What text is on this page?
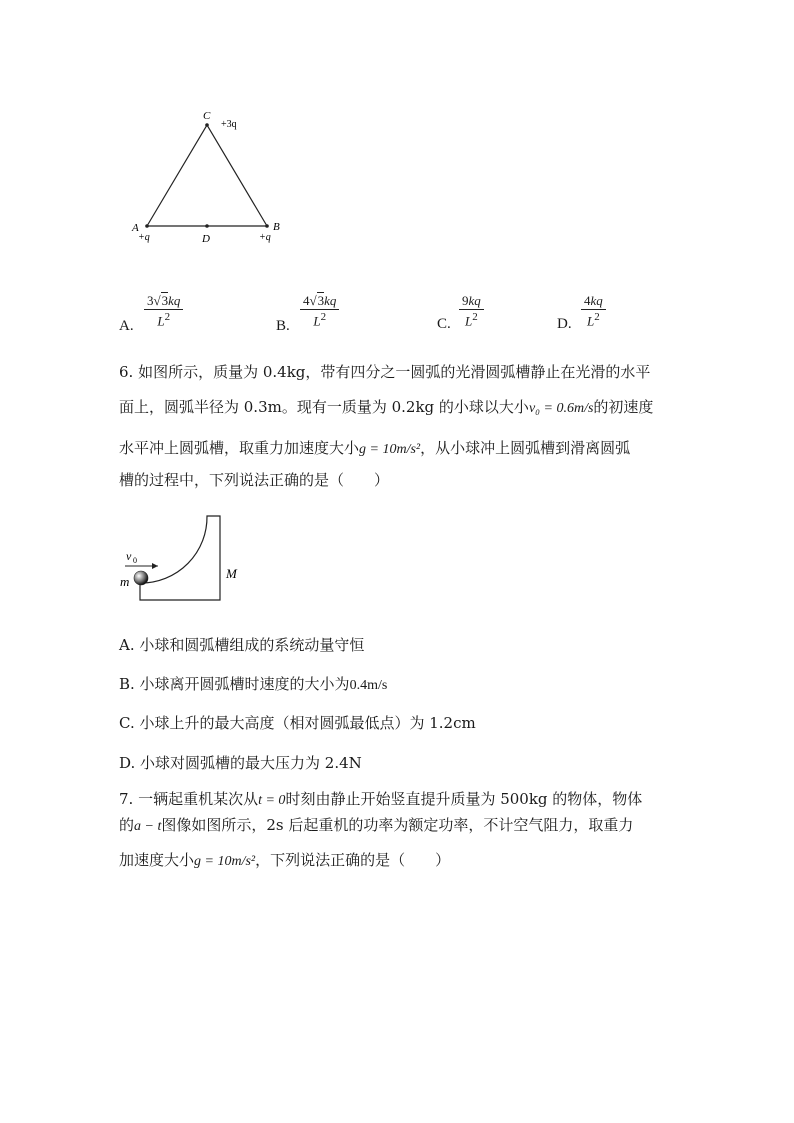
C
+3q
A
+q
B
+q
D
A. $\frac{3√3kq}{L^2}$	B. $\frac{4√3kq}{L^2}$	C. $\frac{9kq}{L^2}$	D. $\frac{4kq}{L^2}$
6. 如图所示，质量为 0.4kg，带有四分之一圆弧的光滑圆弧槽静止在光滑的水平
面上，圆弧半径为 0.3m。现有一质量为 0.2kg 的小球以大小v₀ = 0.6m/s的初速度
水平冲上圆弧槽，取重力加速度大小g = 10m/s²，从小球冲上圆弧槽到滑离圆弧
槽的过程中，下列说法正确的是（　　）
v 0
m
M
A. 小球和圆弧槽组成的系统动量守恒
B. 小球离开圆弧槽时速度的大小为0.4m/s
C. 小球上升的最大高度（相对圆弧最低点）为 1.2cm
D. 小球对圆弧槽的最大压力为 2.4N
7. 一辆起重机某次从t = 0时刻由静止开始竖直提升质量为 500kg 的物体，物体
的a − t图像如图所示，2s 后起重机的功率为额定功率，不计空气阻力，取重力
加速度大小g = 10m/s²，下列说法正确的是（　　）
